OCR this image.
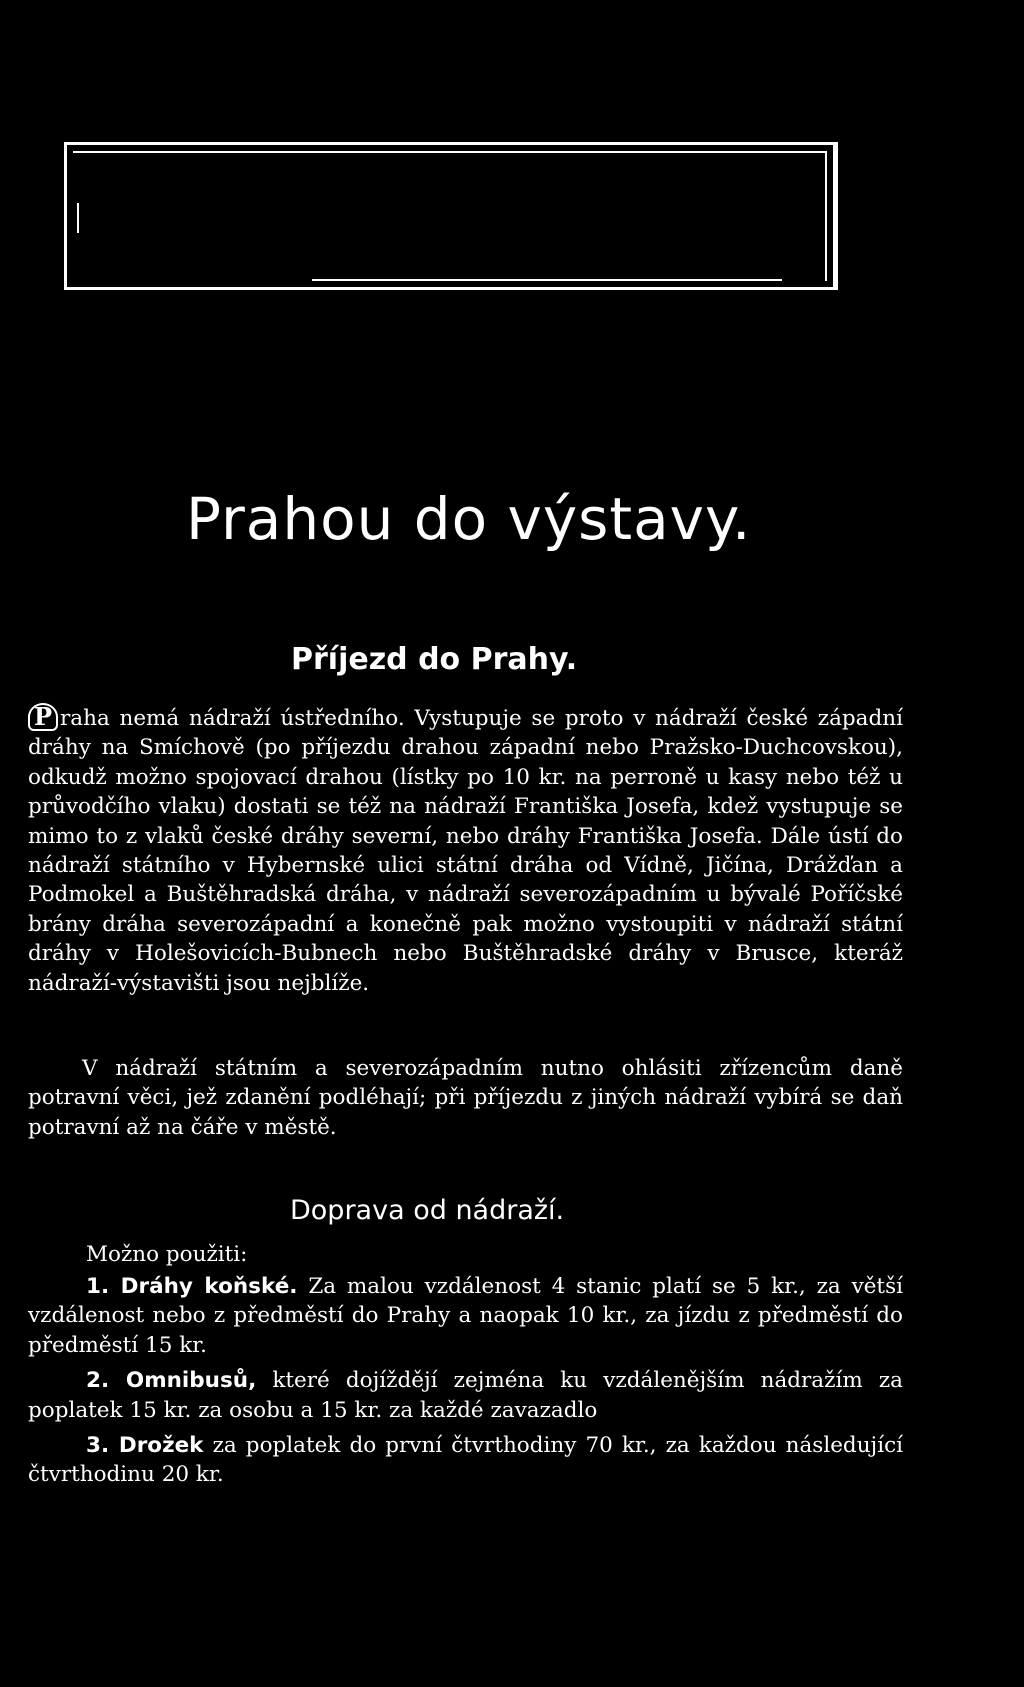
Prahou do výstavy.
Příjezd do Prahy.

P raha nemá nádraží ústředního. Vystupuje se proto v nádraží české západní dráhy na Smíchově (po příjezdu drahou západní nebo Pražsko-Duchcovskou), odkudž možno spojovací drahou (lístky po 10 kr. na perroně u kasy nebo též u průvodčího vlaku) dostati se též na nádraží Františka Josefa, kdež vystupuje se mimo to z vlaků české dráhy severní, nebo dráhy Františka Josefa. Dále ústí do nádraží státního v Hybernské ulici státní dráha od Vídně, Jičína, Drážďan a Podmokel a Buštěhradská dráha, v nádraží severozápadním u bývalé Poříčské brány dráha severozápadní a konečně pak možno vystoupiti v nádraží státní dráhy v Holešovicích-Bubnech nebo Buštěhradské dráhy v Brusce, kteráž nádraží-výstavišti jsou nejblíže.

V nádraží státním a severozápadním nutno ohlásiti zřízencům daně potravní věci, jež zdanění podléhají; při příjezdu z jiných nádraží vybírá se daň potravní až na čáře v městě.

Doprava od nádraží.

Možno použiti:

1. Dráhy koňské. Za malou vzdálenost 4 stanic platí se 5 kr., za větší vzdálenost nebo z předměstí do Prahy a naopak 10 kr., za jízdu z předměstí do předměstí 15 kr.

2. Omnibusů, které dojíždějí zejména ku vzdálenějším nádražím za poplatek 15 kr. za osobu a 15 kr. za každé zavazadlo

3. Drožek za poplatek do první čtvrthodiny 70 kr., za každou následující čtvrthodinu 20 kr.
